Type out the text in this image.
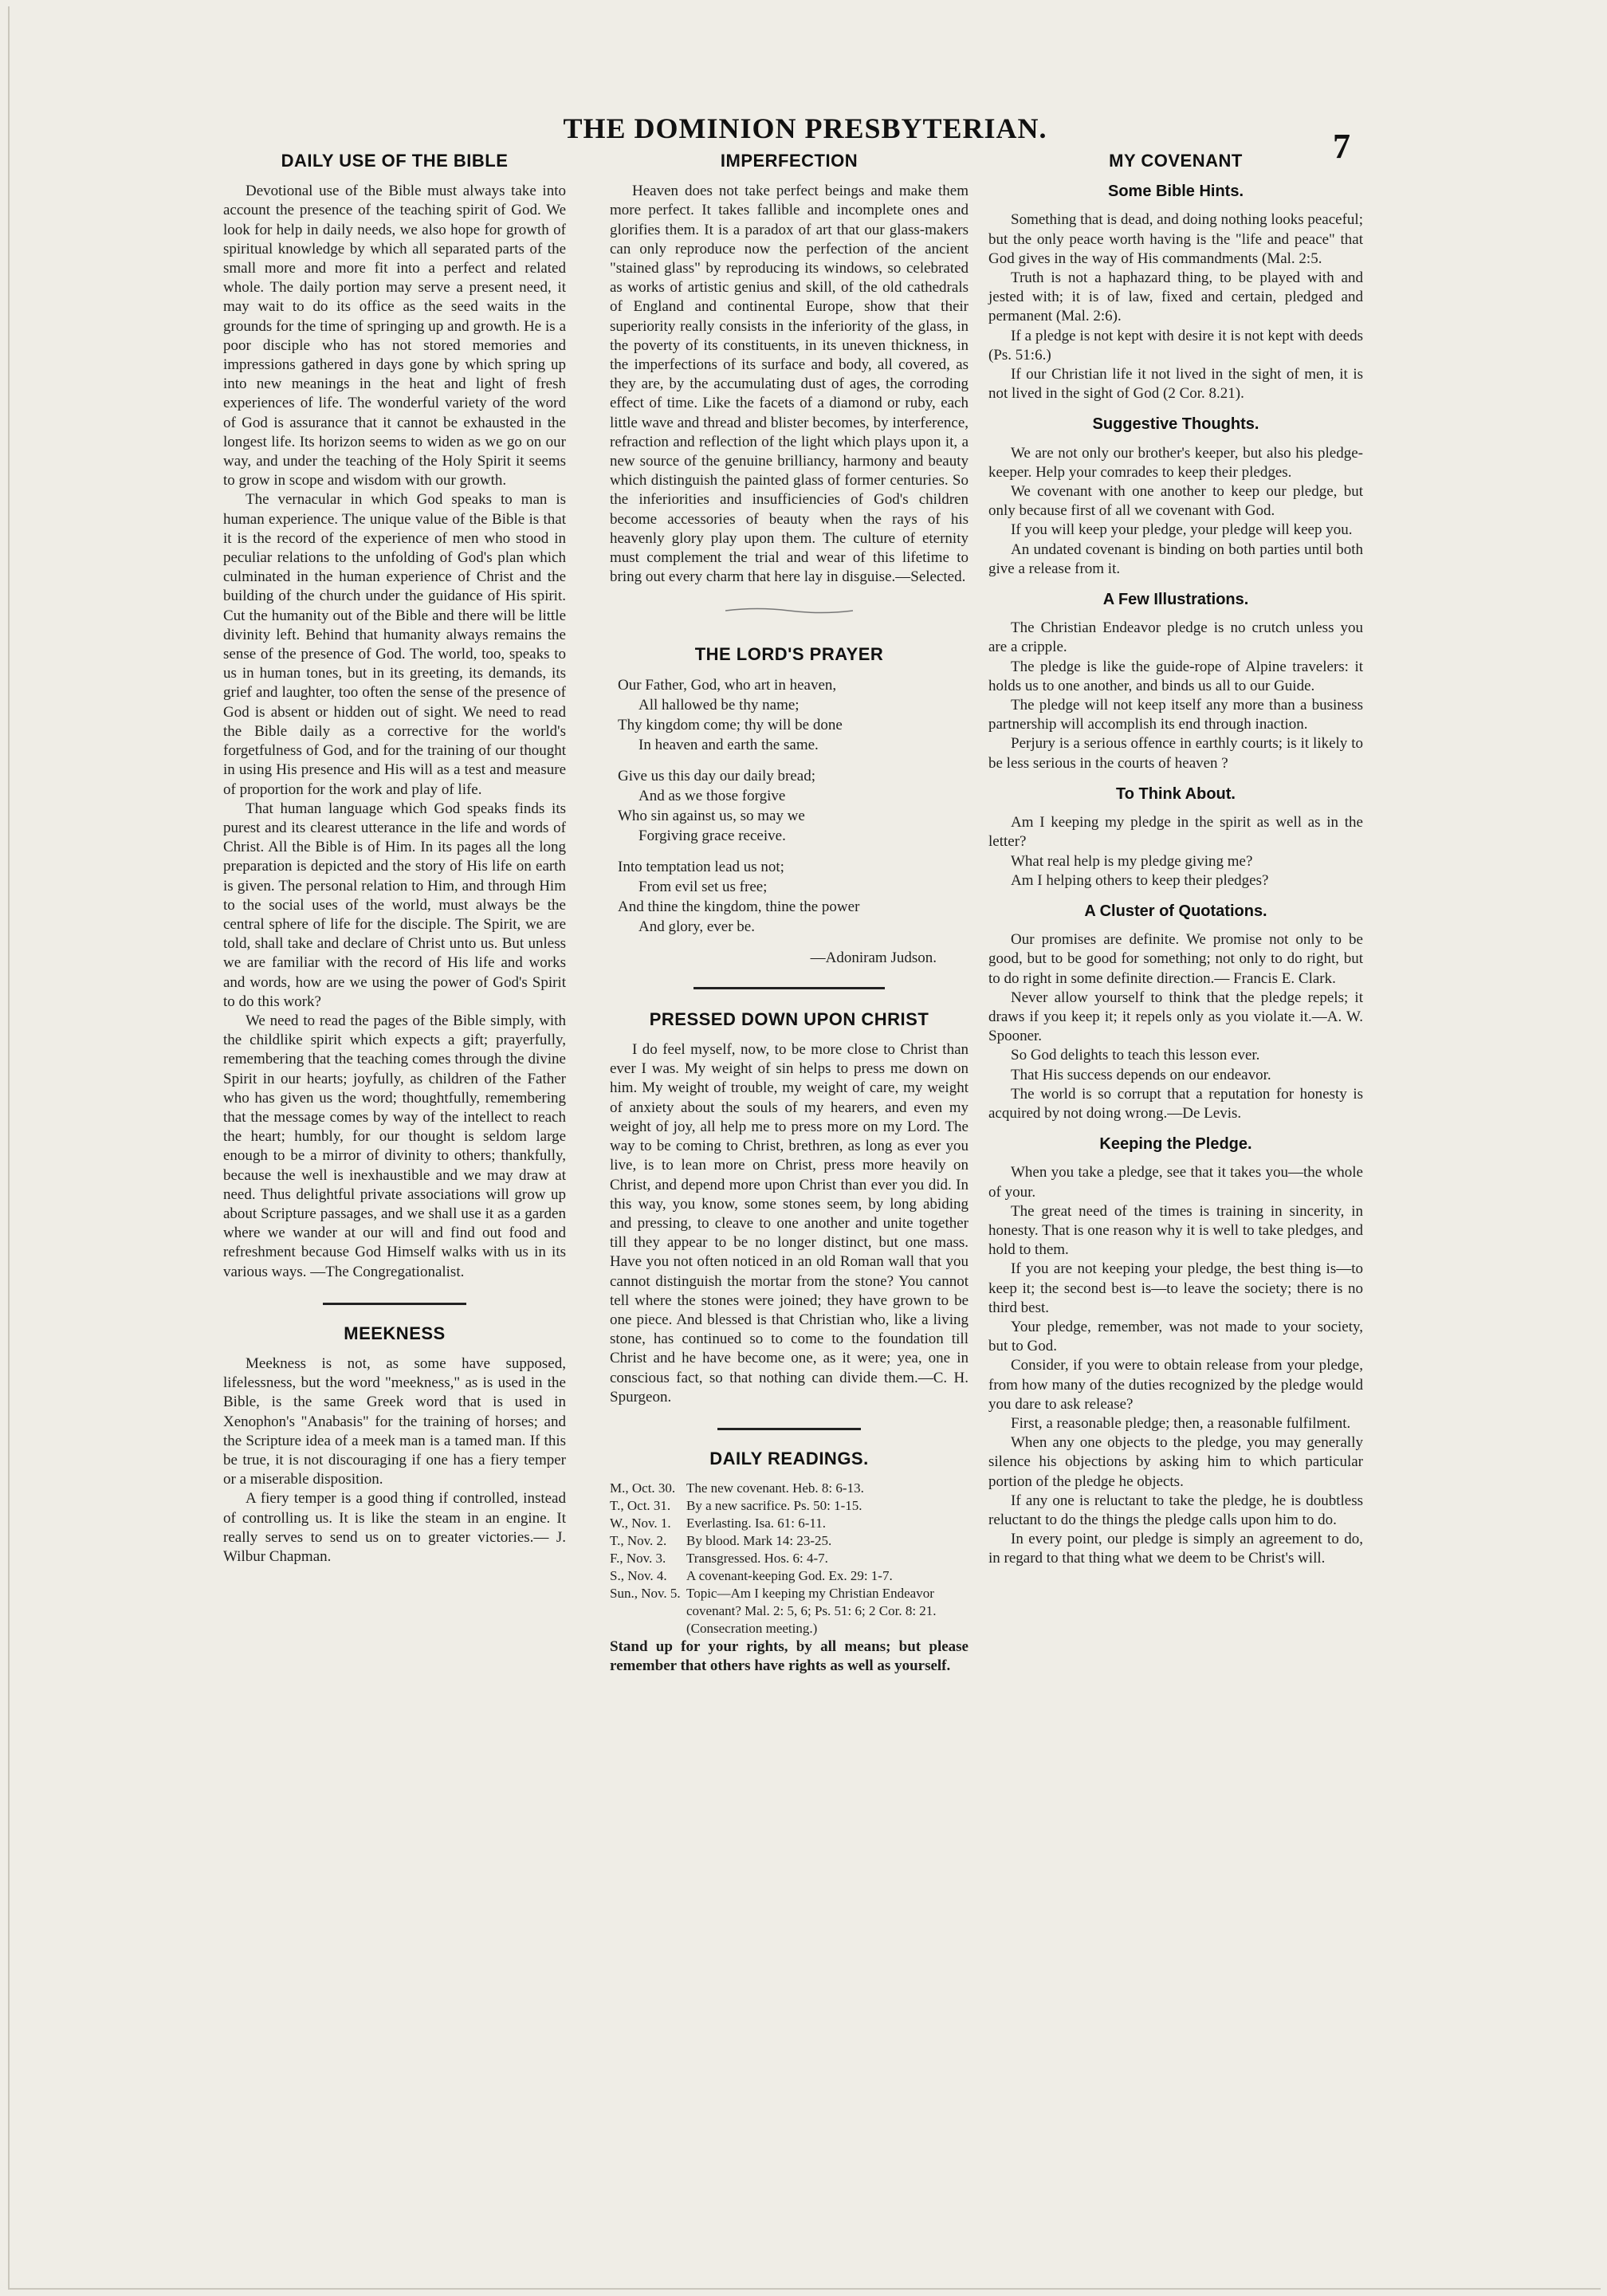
THE DOMINION PRESBYTERIAN.	7
DAILY USE OF THE BIBLE

Devotional use of the Bible must always take into account the presence of the teaching spirit of God. We look for help in daily needs, we also hope for growth of spiritual knowledge by which all separated parts of the small more and more fit into a perfect and related whole. The daily portion may serve a present need, it may wait to do its office as the seed waits in the grounds for the time of springing up and growth. He is a poor disciple who has not stored memories and impressions gathered in days gone by which spring up into new meanings in the heat and light of fresh experiences of life. The wonderful variety of the word of God is assurance that it cannot be exhausted in the longest life. Its horizon seems to widen as we go on our way, and under the teaching of the Holy Spirit it seems to grow in scope and wisdom with our growth.

The vernacular in which God speaks to man is human experience. The unique value of the Bible is that it is the record of the experience of men who stood in peculiar relations to the unfolding of God's plan which culminated in the human experience of Christ and the building of the church under the guidance of His spirit. Cut the humanity out of the Bible and there will be little divinity left. Behind that humanity always remains the sense of the presence of God. The world, too, speaks to us in human tones, but in its greeting, its demands, its grief and laughter, too often the sense of the presence of God is absent or hidden out of sight. We need to read the Bible daily as a corrective for the world's forgetfulness of God, and for the training of our thought in using His presence and His will as a test and measure of proportion for the work and play of life.

That human language which God speaks finds its purest and its clearest utterance in the life and words of Christ. All the Bible is of Him. In its pages all the long preparation is depicted and the story of His life on earth is given. The personal relation to Him, and through Him to the social uses of the world, must always be the central sphere of life for the disciple. The Spirit, we are told, shall take and declare of Christ unto us. But unless we are familiar with the record of His life and works and words, how are we using the power of God's Spirit to do this work?

We need to read the pages of the Bible simply, with the childlike spirit which expects a gift; prayerfully, remembering that the teaching comes through the divine Spirit in our hearts; joyfully, as children of the Father who has given us the word; thoughtfully, remembering that the message comes by way of the intellect to reach the heart; humbly, for our thought is seldom large enough to be a mirror of divinity to others; thankfully, because the well is inexhaustible and we may draw at need. Thus delightful private associations will grow up about Scripture passages, and we shall use it as a garden where we wander at our will and find out food and refreshment because God Himself walks with us in its various ways. —The Congregationalist.

MEEKNESS

Meekness is not, as some have supposed, lifelessness, but the word "meekness," as is used in the Bible, is the same Greek word that is used in Xenophon's "Anabasis" for the training of horses; and the Scripture idea of a meek man is a tamed man. If this be true, it is not discouraging if one has a fiery temper or a miserable disposition.

A fiery temper is a good thing if controlled, instead of controlling us. It is like the steam in an engine. It really serves to send us on to greater victories.— J. Wilbur Chapman.

IMPERFECTION

Heaven does not take perfect beings and make them more perfect. It takes fallible and incomplete ones and glorifies them. It is a paradox of art that our glass-makers can only reproduce now the perfection of the ancient "stained glass" by reproducing its windows, so celebrated as works of artistic genius and skill, of the old cathedrals of England and continental Europe, show that their superiority really consists in the inferiority of the glass, in the poverty of its constituents, in its uneven thickness, in the imperfections of its surface and body, all covered, as they are, by the accumulating dust of ages, the corroding effect of time. Like the facets of a diamond or ruby, each little wave and thread and blister becomes, by interference, refraction and reflection of the light which plays upon it, a new source of the genuine brilliancy, harmony and beauty which distinguish the painted glass of former centuries. So the inferiorities and insufficiencies of God's children become accessories of beauty when the rays of his heavenly glory play upon them. The culture of eternity must complement the trial and wear of this lifetime to bring out every charm that here lay in disguise.—Selected.

THE LORD'S PRAYER
Our Father, God, who art in heaven,
All hallowed be thy name;
Thy kingdom come; thy will be done
In heaven and earth the same.
Give us this day our daily bread;
And as we those forgive
Who sin against us, so may we
Forgiving grace receive.
Into temptation lead us not;
From evil set us free;
And thine the kingdom, thine the power
And glory, ever be.
—Adoniram Judson.
PRESSED DOWN UPON CHRIST

I do feel myself, now, to be more close to Christ than ever I was. My weight of sin helps to press me down on him. My weight of trouble, my weight of care, my weight of anxiety about the souls of my hearers, and even my weight of joy, all help me to press more on my Lord. The way to be coming to Christ, brethren, as long as ever you live, is to lean more on Christ, press more heavily on Christ, and depend more upon Christ than ever you did. In this way, you know, some stones seem, by long abiding and pressing, to cleave to one another and unite together till they appear to be no longer distinct, but one mass. Have you not often noticed in an old Roman wall that you cannot distinguish the mortar from the stone? You cannot tell where the stones were joined; they have grown to be one piece. And blessed is that Christian who, like a living stone, has continued so to come to the foundation till Christ and he have become one, as it were; yea, one in conscious fact, so that nothing can divide them.—C. H. Spurgeon.

DAILY READINGS.
M., Oct. 30. The new covenant. Heb. 8: 6-13.
T., Oct. 31.	By a new sacrifice. Ps. 50: 1-15.
W., Nov. 1.	Everlasting. Isa. 61: 6-11.
T., Nov. 2.	By blood. Mark 14: 23-25.
F., Nov. 3.	Transgressed. Hos. 6: 4-7.
S., Nov. 4.	A covenant-keeping God. Ex. 29: 1-7.
Sun., Nov. 5. Topic—Am I keeping my Christian Endeavor covenant? Mal. 2: 5, 6; Ps. 51: 6; 2 Cor. 8: 21. (Consecration meeting.)

Stand up for your rights, by all means; but please remember that others have rights as well as yourself.

MY COVENANT
Some Bible Hints.

Something that is dead, and doing nothing looks peaceful; but the only peace worth having is the "life and peace" that God gives in the way of His commandments (Mal. 2:5.

Truth is not a haphazard thing, to be played with and jested with; it is of law, fixed and certain, pledged and permanent (Mal. 2:6).

If a pledge is not kept with desire it is not kept with deeds (Ps. 51:6.)

If our Christian life it not lived in the sight of men, it is not lived in the sight of God (2 Cor. 8.21).

Suggestive Thoughts.

We are not only our brother's keeper, but also his pledge-keeper. Help your comrades to keep their pledges.

We covenant with one another to keep our pledge, but only because first of all we covenant with God.

If you will keep your pledge, your pledge will keep you.

An undated covenant is binding on both parties until both give a release from it.

A Few Illustrations.

The Christian Endeavor pledge is no crutch unless you are a cripple.

The pledge is like the guide-rope of Alpine travelers: it holds us to one another, and binds us all to our Guide.

The pledge will not keep itself any more than a business partnership will accomplish its end through inaction.

Perjury is a serious offence in earthly courts; is it likely to be less serious in the courts of heaven ?

To Think About.

Am I keeping my pledge in the spirit as well as in the letter?

What real help is my pledge giving me?

Am I helping others to keep their pledges?

A Cluster of Quotations.

Our promises are definite. We promise not only to be good, but to be good for something; not only to do right, but to do right in some definite direction.— Francis E. Clark.

Never allow yourself to think that the pledge repels; it draws if you keep it; it repels only as you violate it.—A. W. Spooner.

So God delights to teach this lesson ever.

That His success depends on our endeavor.

The world is so corrupt that a reputation for honesty is acquired by not doing wrong.—De Levis.

Keeping the Pledge.

When you take a pledge, see that it takes you—the whole of your.

The great need of the times is training in sincerity, in honesty. That is one reason why it is well to take pledges, and hold to them.

If you are not keeping your pledge, the best thing is—to keep it; the second best is—to leave the society; there is no third best.

Your pledge, remember, was not made to your society, but to God.

Consider, if you were to obtain release from your pledge, from how many of the duties recognized by the pledge would you dare to ask release?

First, a reasonable pledge; then, a reasonable fulfilment.

When any one objects to the pledge, you may generally silence his objections by asking him to which particular portion of the pledge he objects.

If any one is reluctant to take the pledge, he is doubtless reluctant to do the things the pledge calls upon him to do.

In every point, our pledge is simply an agreement to do, in regard to that thing what we deem to be Christ's will.
